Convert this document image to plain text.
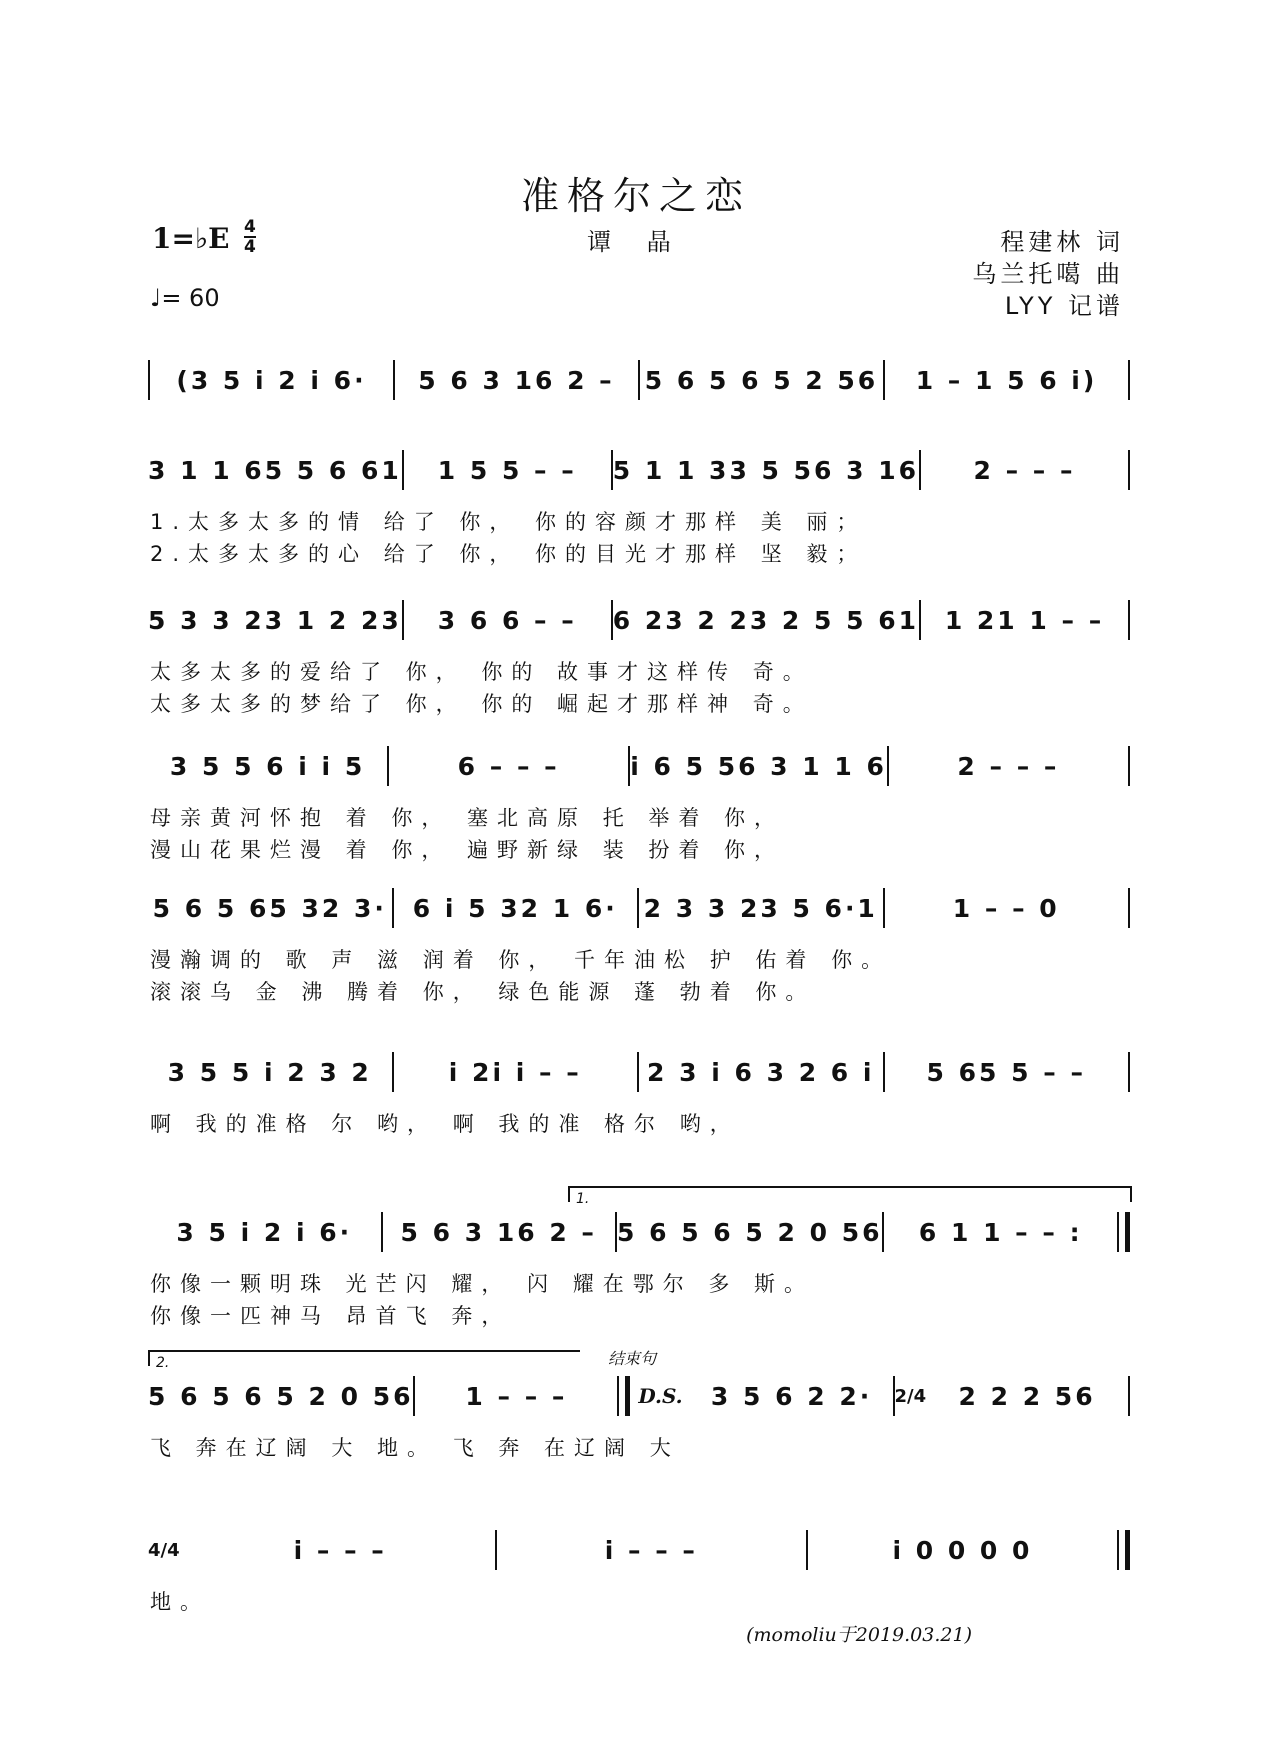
准格尔之恋
谭 晶
1=♭E 4
4
♩= 60
程建林 词
乌兰托噶 曲
LYY 记谱
(3 5 i 2 i 6·	5 6 3 16 2 –	5 6 5 6 5 2 56	1 – 1 5 6 i)
3 1 1 65 5 6 61	1 5 5 – –	5 1 1 33 5 56 3 16	2 – – –
1.太多太多的情 给了 你， 你的容颜才那样 美 丽；
2.太多太多的心 给了 你， 你的目光才那样 坚 毅；
5 3 3 23 1 2 23	3 6 6 – –	6 23 2 23 2 5 5 61	1 21 1 – –
太多太多的爱给了 你， 你的 故事才这样传 奇。
太多太多的梦给了 你， 你的 崛起才那样神 奇。
3 5 5 6 i i 5	6 – – –	i 6 5 56 3 1 1 6	2 – – –
母亲黄河怀抱 着 你， 塞北高原 托 举着 你，
漫山花果烂漫 着 你， 遍野新绿 装 扮着 你，
5 6 5 65 32 3·	6 i 5 32 1 6·	2 3 3 23 5 6·1	1 – – 0
漫瀚调的 歌 声 滋 润着 你， 千年油松 护 佑着 你。
滚滚乌 金 沸 腾着 你， 绿色能源 蓬 勃着 你。
3 5 5 i 2 3 2	i 2i i – –	2 3 i 6 3 2 6 i	5 65 5 – –
啊 我的准格 尔 哟， 啊 我的准 格尔 哟，
3 5 i 2 i 6·	5 6 3 16 2 – 5 6 5 6 5 2 0 56	6 1 1 – – :
你像一颗明珠 光芒闪 耀， 闪 耀在鄂尔 多 斯。
你像一匹神马 昂首飞 奔，
1.
5 6 5 6 5 2 0 56	1 – – –	D.S.	3 5 6 2 2·	2/4	2 2 2 56
飞 奔在辽阔 大 地。 飞 奔 在辽阔 大
2.	结束句
4/4	i – – –	i – – –	i 0 0 0 0
地。
(momoliu于2019.03.21)
